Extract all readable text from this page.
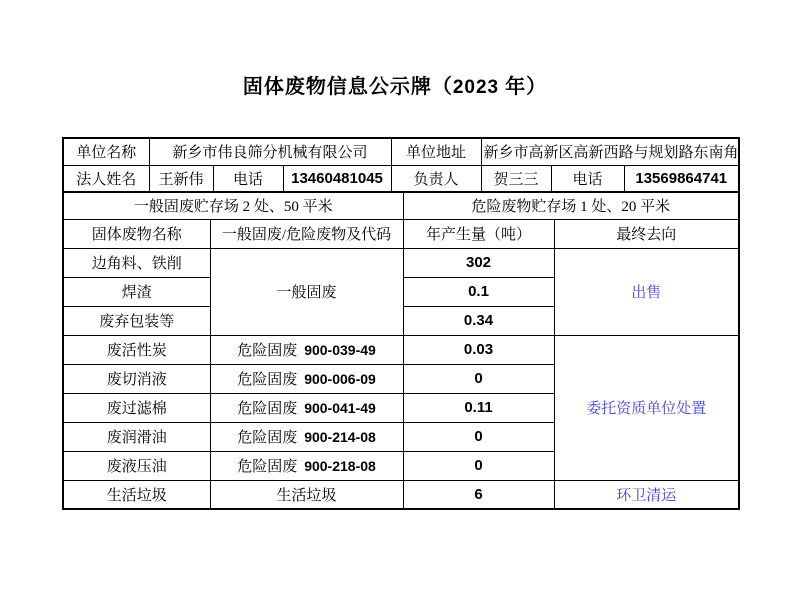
固体废物信息公示牌（2023 年）
单位名称	新乡市伟良筛分机械有限公司			单位地址	新乡市高新区高新西路与规划路东南角		
法人姓名	王新伟	电话	13460481045	负责人	贺三三	电话	13569864741
一般固废贮存场 2 处、50 平米		危险废物贮存场 1 处、20 平米	
固体废物名称	一般固废/危险废物及代码	年产生量（吨）	最终去向
边角料、铁削	一般固废	302	出售
焊渣		0.1	
废弃包装等		0.34	
废活性炭	危险固废 900-039-49	0.03	委托资质单位处置
废切消液	危险固废 900-006-09	0	
废过滤棉	危险固废 900-041-49	0.11	
废润滑油	危险固废 900-214-08	0	
废液压油	危险固废 900-218-08	0	
生活垃圾	生活垃圾	6	环卫清运
